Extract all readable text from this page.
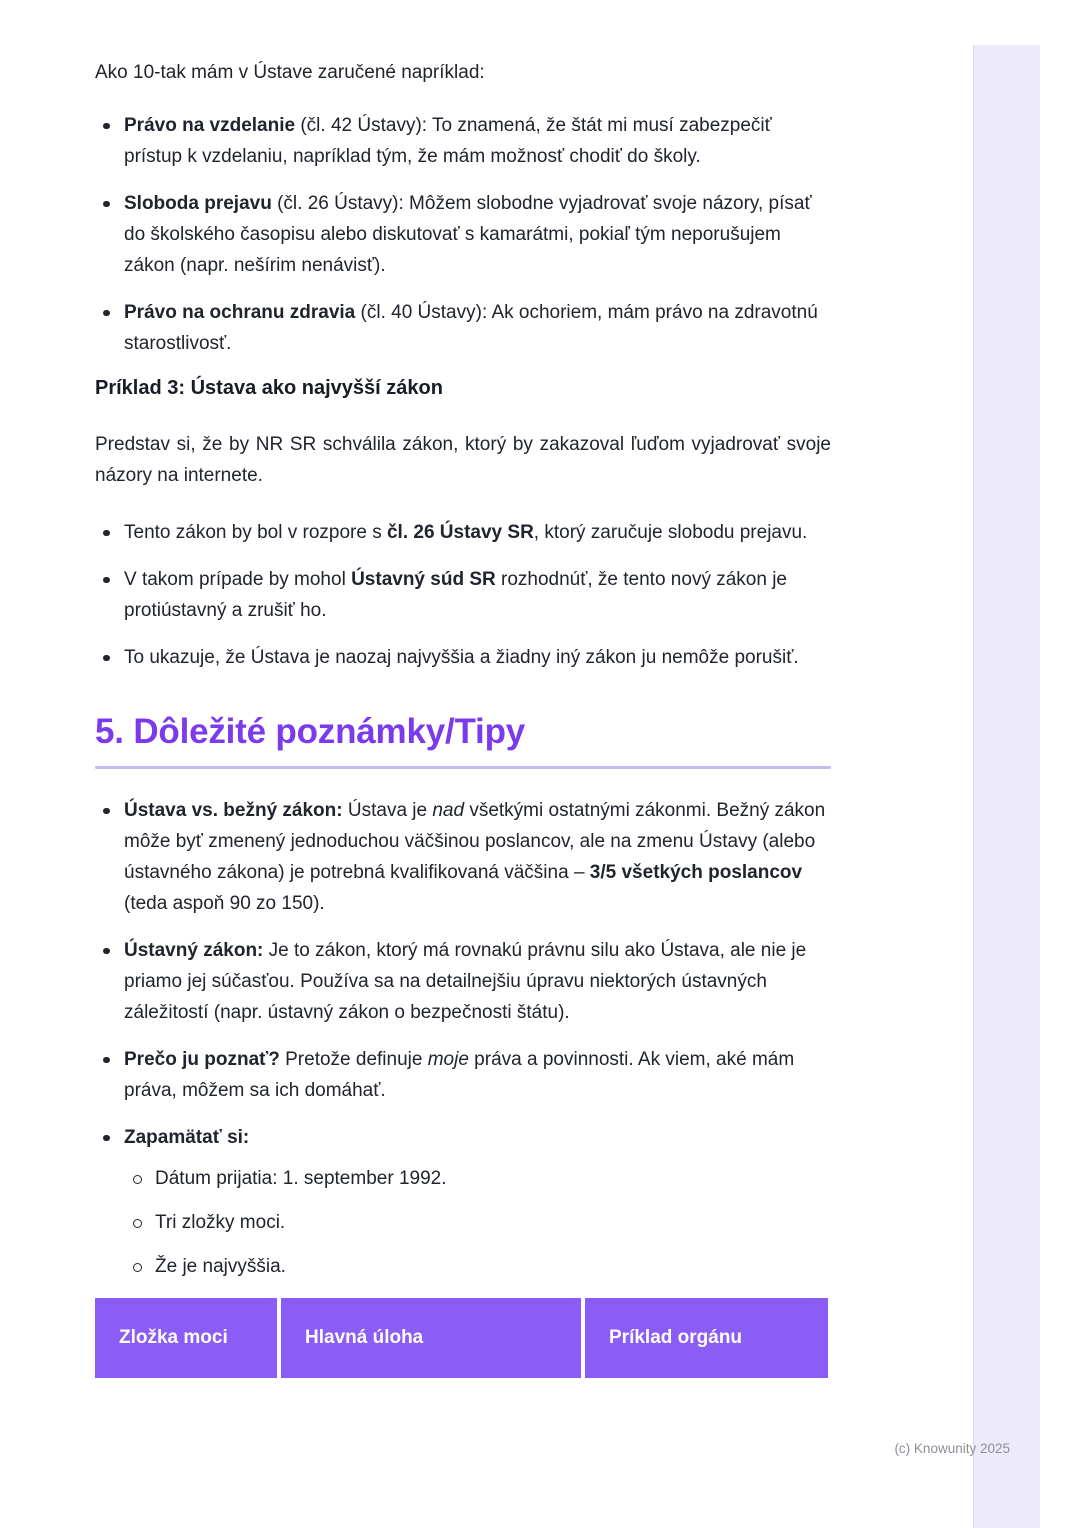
Ako 10-tak mám v Ústave zaručené napríklad:

Právo na vzdelanie (čl. 42 Ústavy): To znamená, že štát mi musí zabezpečiť prístup k vzdelaniu, napríklad tým, že mám možnosť chodiť do školy.
Sloboda prejavu (čl. 26 Ústavy): Môžem slobodne vyjadrovať svoje názory, písať do školského časopisu alebo diskutovať s kamarátmi, pokiaľ tým neporušujem zákon (napr. nešírim nenávisť).
Právo na ochranu zdravia (čl. 40 Ústavy): Ak ochoriem, mám právo na zdravotnú starostlivosť.
Príklad 3: Ústava ako najvyšší zákon

Predstav si, že by NR SR schválila zákon, ktorý by zakazoval ľuďom vyjadrovať svoje názory na internete.

Tento zákon by bol v rozpore s čl. 26 Ústavy SR, ktorý zaručuje slobodu prejavu.
V takom prípade by mohol Ústavný súd SR rozhodnúť, že tento nový zákon je protiústavný a zrušiť ho.
To ukazuje, že Ústava je naozaj najvyššia a žiadny iný zákon ju nemôže porušiť.
5. Dôležité poznámky/Tipy
Ústava vs. bežný zákon: Ústava je nad všetkými ostatnými zákonmi. Bežný zákon môže byť zmenený jednoduchou väčšinou poslancov, ale na zmenu Ústavy (alebo ústavného zákona) je potrebná kvalifikovaná väčšina – 3/5 všetkých poslancov (teda aspoň 90 zo 150).
Ústavný zákon: Je to zákon, ktorý má rovnakú právnu silu ako Ústava, ale nie je priamo jej súčasťou. Používa sa na detailnejšiu úpravu niektorých ústavných záležitostí (napr. ústavný zákon o bezpečnosti štátu).
Prečo ju poznať? Pretože definuje moje práva a povinnosti. Ak viem, aké mám práva, môžem sa ich domáhať.
Zapamätať si:
Dátum prijatia: 1. september 1992.
Tri zložky moci.
Že je najvyššia.
Zložka moci	Hlavná úloha	Príklad orgánu
(c) Knowunity 2025
